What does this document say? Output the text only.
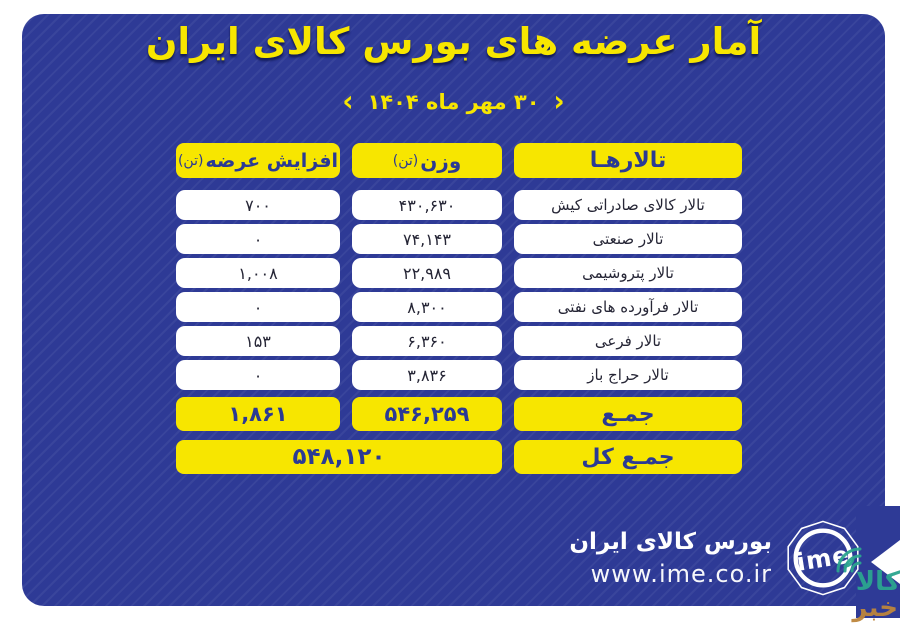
آمار عرضه های بورس کالای ایران
‹
۳۰ مهر ماه ۱۴۰۴
›
تالارهـا
وزن
(تن)
افزایش عرضه
(تن)
تالار کالای صادراتی کیش
۴۳۰,۶۳۰
۷۰۰
تالار صنعتی
۷۴,۱۴۳
۰
تالار پتروشیمی
۲۲,۹۸۹
۱,۰۰۸
تالار فرآورده های نفتی
۸,۳۰۰
۰
تالار فرعی
۶,۳۶۰
۱۵۳
تالار حراج باز
۳,۸۳۶
۰
جمـع
۵۴۶,۲۵۹
۱,۸۶۱
جمـع کل
۵۴۸,۱۲۰
بورس کالای ایران
www.ime.co.ir ime
کالا
خبر
